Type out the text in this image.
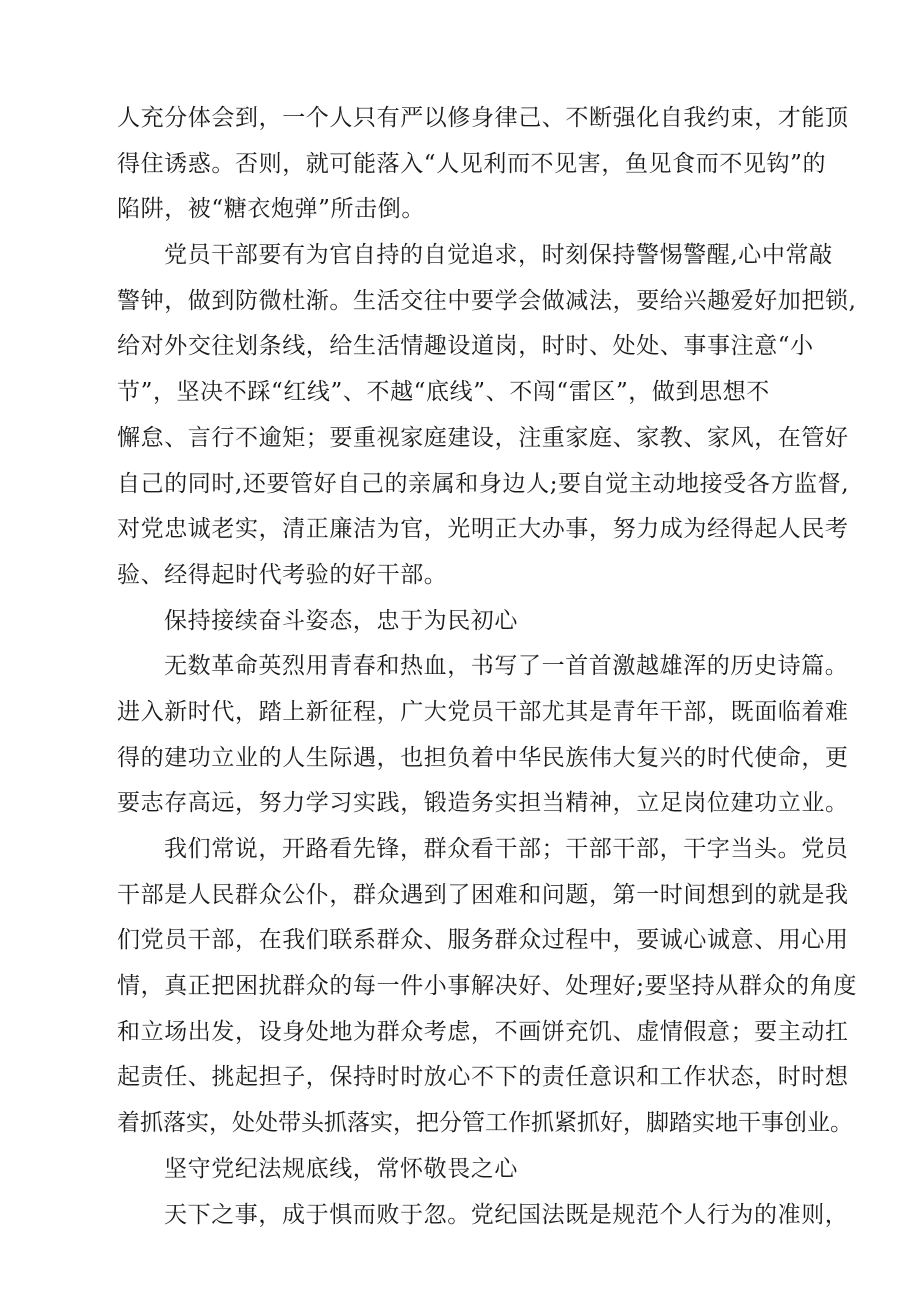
人充分体会到，一个人只有严以修身律己、不断强化自我约束，才能顶
得住诱惑。否则，就可能落入“人见利而不见害，鱼见食而不见钩”的
陷阱，被“糖衣炮弹”所击倒。
党员干部要有为官自持的自觉追求，时刻保持警惕警醒,心中常敲
警钟，做到防微杜渐。生活交往中要学会做减法，要给兴趣爱好加把锁,
给对外交往划条线，给生活情趣设道岗，时时、处处、事事注意“小
节”，坚决不踩“红线”、不越“底线”、不闯“雷区”，做到思想不
懈怠、言行不逾矩；要重视家庭建设，注重家庭、家教、家风，在管好
自己的同时,还要管好自己的亲属和身边人;要自觉主动地接受各方监督,
对党忠诚老实，清正廉洁为官，光明正大办事，努力成为经得起人民考
验、经得起时代考验的好干部。
保持接续奋斗姿态，忠于为民初心
无数革命英烈用青春和热血，书写了一首首激越雄浑的历史诗篇。
进入新时代，踏上新征程，广大党员干部尤其是青年干部，既面临着难
得的建功立业的人生际遇，也担负着中华民族伟大复兴的时代使命，更
要志存高远，努力学习实践，锻造务实担当精神，立足岗位建功立业。
我们常说，开路看先锋，群众看干部；干部干部，干字当头。党员
干部是人民群众公仆，群众遇到了困难和问题，第一时间想到的就是我
们党员干部，在我们联系群众、服务群众过程中，要诚心诚意、用心用
情，真正把困扰群众的每一件小事解决好、处理好;要坚持从群众的角度
和立场出发，设身处地为群众考虑，不画饼充饥、虚情假意；要主动扛
起责任、挑起担子，保持时时放心不下的责任意识和工作状态，时时想
着抓落实，处处带头抓落实，把分管工作抓紧抓好，脚踏实地干事创业。
坚守党纪法规底线，常怀敬畏之心
天下之事，成于惧而败于忽。党纪国法既是规范个人行为的准则，
